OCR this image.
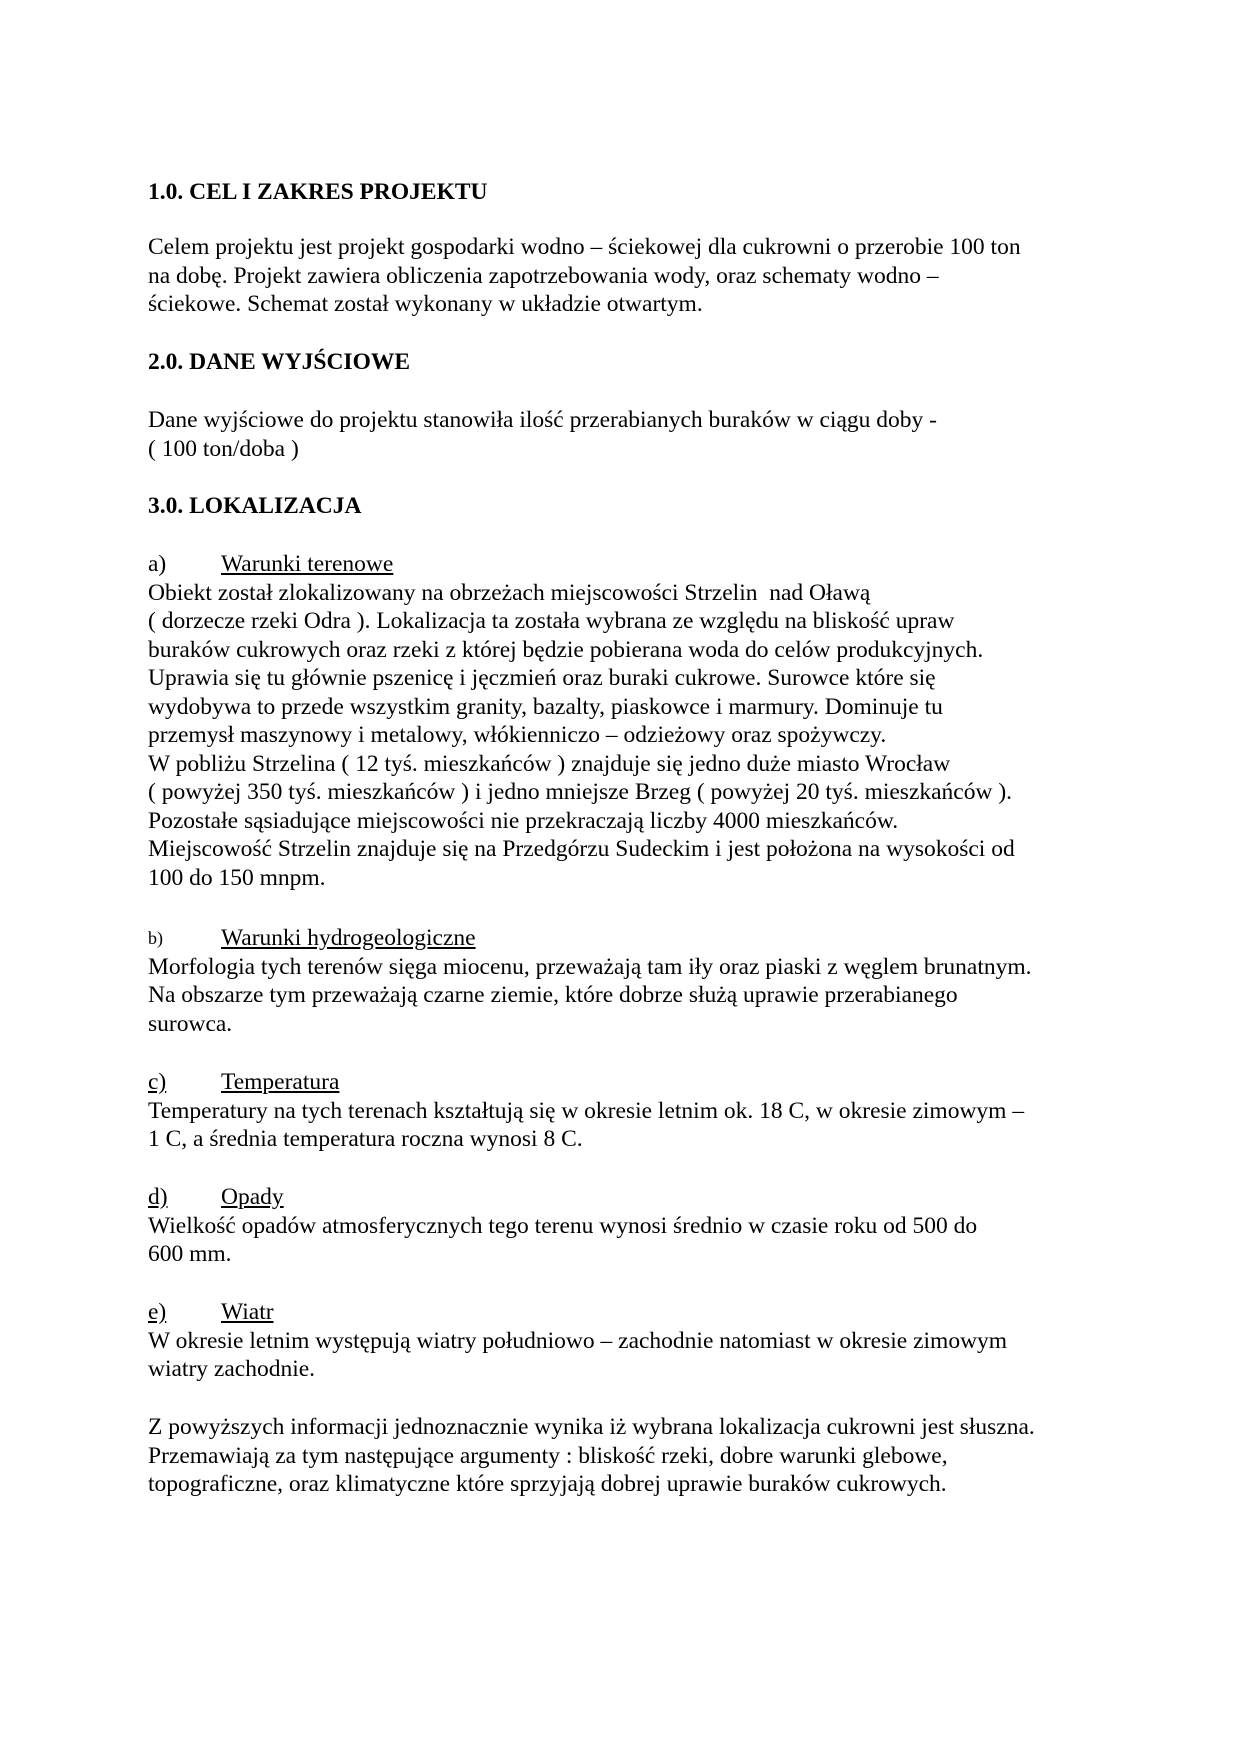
1.0. CEL I ZAKRES PROJEKTU
Celem projektu jest projekt gospodarki wodno – ściekowej dla cukrowni o przerobie 100 ton
na dobę. Projekt zawiera obliczenia zapotrzebowania wody, oraz schematy wodno –
ściekowe. Schemat został wykonany w układzie otwartym.
2.0. DANE WYJŚCIOWE
Dane wyjściowe do projektu stanowiła ilość przerabianych buraków w ciągu doby -
( 100 ton/doba )
3.0. LOKALIZACJA
a)	Warunki terenowe
Obiekt został zlokalizowany na obrzeżach miejscowości Strzelin  nad Oławą
( dorzecze rzeki Odra ). Lokalizacja ta została wybrana ze względu na bliskość upraw
buraków cukrowych oraz rzeki z której będzie pobierana woda do celów produkcyjnych.
Uprawia się tu głównie pszenicę i jęczmień oraz buraki cukrowe. Surowce które się
wydobywa to przede wszystkim granity, bazalty, piaskowce i marmury. Dominuje tu
przemysł maszynowy i metalowy, włókienniczo – odzieżowy oraz spożywczy.
W pobliżu Strzelina ( 12 tyś. mieszkańców ) znajduje się jedno duże miasto Wrocław
( powyżej 350 tyś. mieszkańców ) i jedno mniejsze Brzeg ( powyżej 20 tyś. mieszkańców ).
Pozostałe sąsiadujące miejscowości nie przekraczają liczby 4000 mieszkańców.
Miejscowość Strzelin znajduje się na Przedgórzu Sudeckim i jest położona na wysokości od
100 do 150 mnpm.
b)	Warunki hydrogeologiczne
Morfologia tych terenów sięga miocenu, przeważają tam iły oraz piaski z węglem brunatnym.
Na obszarze tym przeważają czarne ziemie, które dobrze służą uprawie przerabianego
surowca.
c)	Temperatura
Temperatury na tych terenach kształtują się w okresie letnim ok. 18 C, w okresie zimowym –
1 C, a średnia temperatura roczna wynosi 8 C.
d)	Opady
Wielkość opadów atmosferycznych tego terenu wynosi średnio w czasie roku od 500 do
600 mm.
e)	Wiatr
W okresie letnim występują wiatry południowo – zachodnie natomiast w okresie zimowym
wiatry zachodnie.
Z powyższych informacji jednoznacznie wynika iż wybrana lokalizacja cukrowni jest słuszna.
Przemawiają za tym następujące argumenty : bliskość rzeki, dobre warunki glebowe,
topograficzne, oraz klimatyczne które sprzyjają dobrej uprawie buraków cukrowych.
